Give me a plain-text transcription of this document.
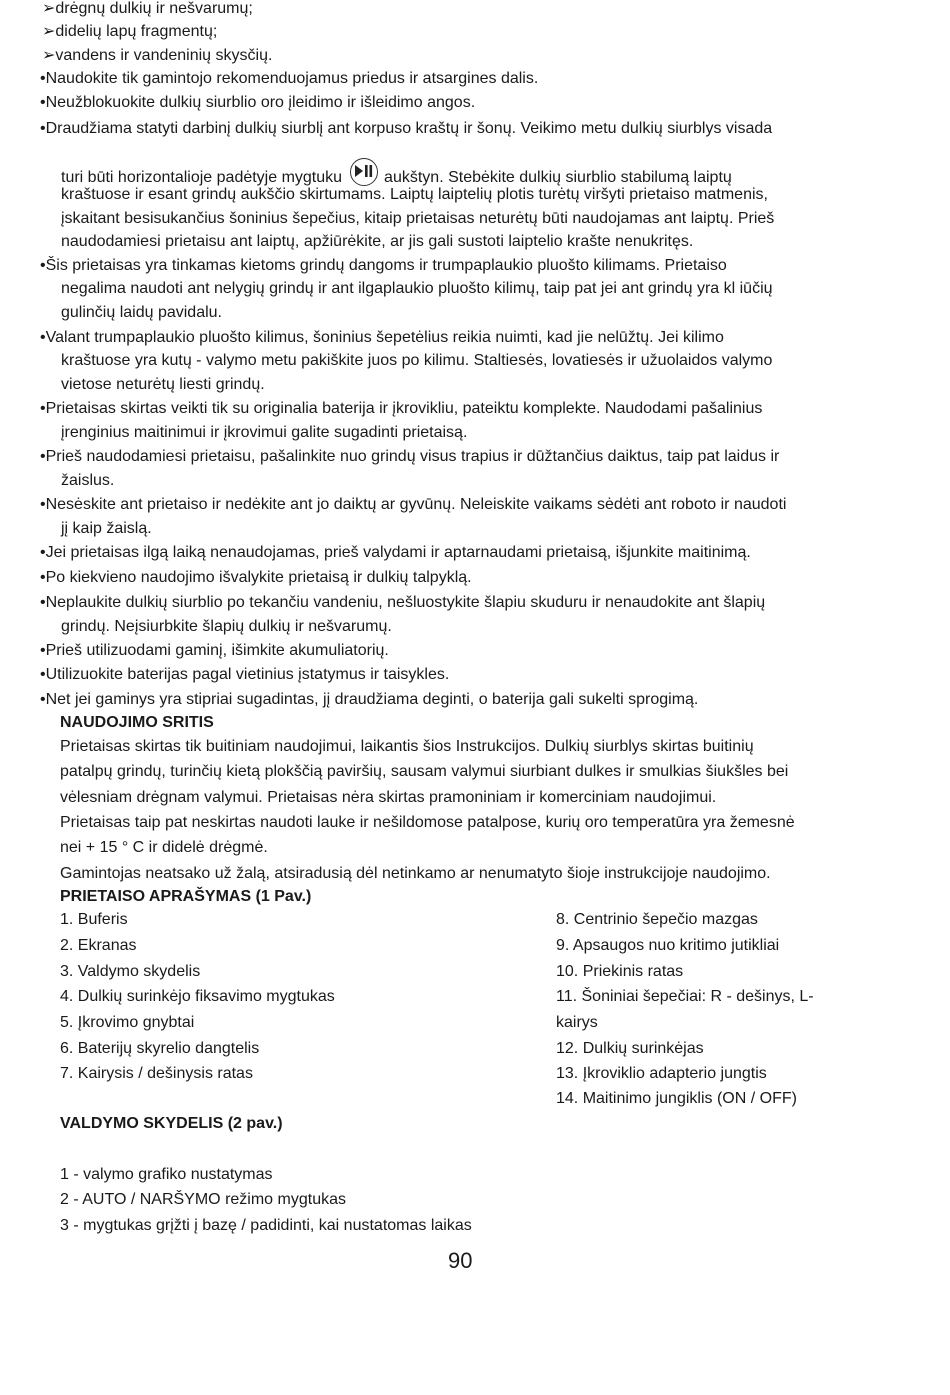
➢drėgnų dulkių ir nešvarumų;
➢didelių lapų fragmentų;
➢vandens ir vandeninių skysčių.
•Naudokite tik gamintojo rekomenduojamus priedus ir atsargines dalis.
•Neužblokuokite dulkių siurblio oro įleidimo ir išleidimo angos.
•Draudžiama statyti darbinį dulkių siurblį ant korpuso kraštų ir šonų. Veikimo metu dulkių siurblys visada
turi būti horizontalioje padėtyje mygtuku	aukštyn. Stebėkite dulkių siurblio stabilumą laiptų
kraštuose ir esant grindų aukščio skirtumams. Laiptų laiptelių plotis turėtų viršyti prietaiso matmenis,
įskaitant besisukančius šoninius šepečius, kitaip prietaisas neturėtų būti naudojamas ant laiptų. Prieš
naudodamiesi prietaisu ant laiptų, apžiūrėkite, ar jis gali sustoti laiptelio krašte nenukritęs.
•Šis prietaisas yra tinkamas kietoms grindų dangoms ir trumpaplaukio pluošto kilimams. Prietaiso
negalima naudoti ant nelygių grindų ir ant ilgaplaukio pluošto kilimų, taip pat jei ant grindų yra kl iūčių
gulinčių laidų pavidalu.
•Valant trumpaplaukio pluošto kilimus, šoninius šepetėlius reikia nuimti, kad jie nelūžtų. Jei kilimo
kraštuose yra kutų - valymo metu pakiškite juos po kilimu. Staltiesės, lovatiesės ir užuolaidos valymo
vietose neturėtų liesti grindų.
•Prietaisas skirtas veikti tik su originalia baterija ir įkrovikliu, pateiktu komplekte. Naudodami pašalinius
įrenginius maitinimui ir įkrovimui galite sugadinti prietaisą.
•Prieš naudodamiesi prietaisu, pašalinkite nuo grindų visus trapius ir dūžtančius daiktus, taip pat laidus ir
žaislus.
•Nesėskite ant prietaiso ir nedėkite ant jo daiktų ar gyvūnų. Neleiskite vaikams sėdėti ant roboto ir naudoti
jį kaip žaislą.
•Jei prietaisas ilgą laiką nenaudojamas, prieš valydami ir aptarnaudami prietaisą, išjunkite maitinimą.
•Po kiekvieno naudojimo išvalykite prietaisą ir dulkių talpyklą.
•Neplaukite dulkių siurblio po tekančiu vandeniu, nešluostykite šlapiu skuduru ir nenaudokite ant šlapių
grindų. Neįsiurbkite šlapių dulkių ir nešvarumų.
•Prieš utilizuodami gaminį, išimkite akumuliatorių.
•Utilizuokite baterijas pagal vietinius įstatymus ir taisykles.
•Net jei gaminys yra stipriai sugadintas, jį draudžiama deginti, o baterija gali sukelti sprogimą.
NAUDOJIMO SRITIS
Prietaisas skirtas tik buitiniam naudojimui, laikantis šios Instrukcijos. Dulkių siurblys skirtas buitinių
patalpų grindų, turinčių kietą plokščią paviršių, sausam valymui siurbiant dulkes ir smulkias šiukšles bei
vėlesniam drėgnam valymui. Prietaisas nėra skirtas pramoniniam ir komerciniam naudojimui.
Prietaisas taip pat neskirtas naudoti lauke ir nešildomose patalpose, kurių oro temperatūra yra žemesnė
nei + 15 ° C ir didelė drėgmė.
Gamintojas neatsako už žalą, atsiradusią dėl netinkamo ar nenumatyto šioje instrukcijoje naudojimo.
PRIETAISO APRAŠYMAS (1 Pav.)
1. Buferis
2. Ekranas
3. Valdymo skydelis
4. Dulkių surinkėjo fiksavimo mygtukas
5. Įkrovimo gnybtai
6. Baterijų skyrelio dangtelis
7. Kairysis / dešinysis ratas
8. Centrinio šepečio mazgas
9. Apsaugos nuo kritimo jutikliai
10. Priekinis ratas
11. Šoniniai šepečiai: R - dešinys, L-
kairys
12. Dulkių surinkėjas
13. Įkroviklio adapterio jungtis
14. Maitinimo jungiklis (ON / OFF)
VALDYMO SKYDELIS (2 pav.)
1 - valymo grafiko nustatymas
2 - AUTO / NARŠYMO režimo mygtukas
3 - mygtukas grįžti į bazę / padidinti, kai nustatomas laikas
90
